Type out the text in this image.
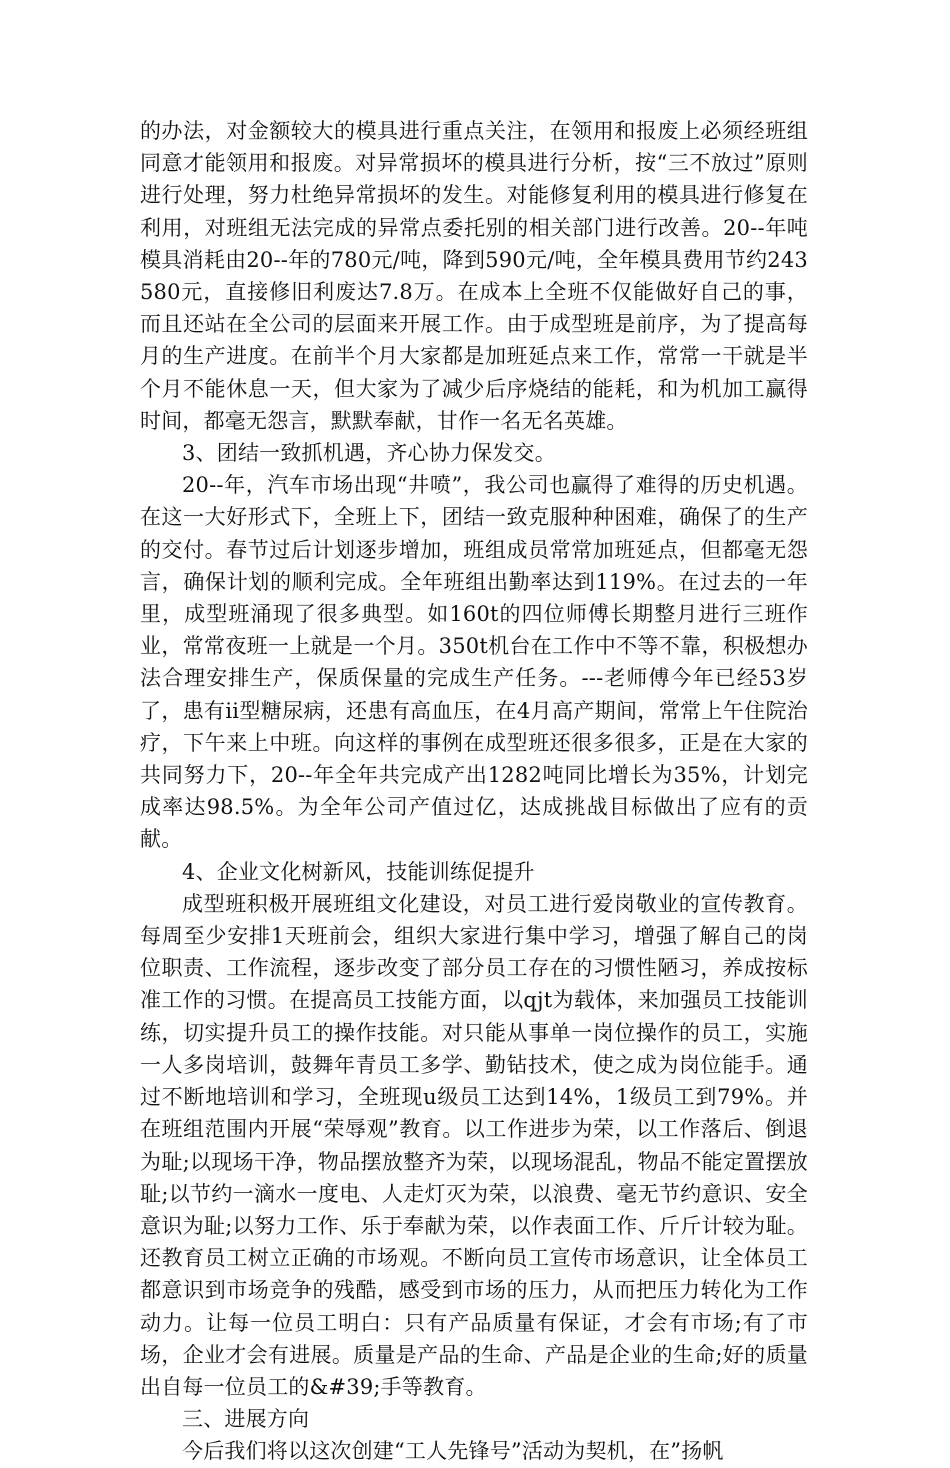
的办法，对金额较大的模具进行重点关注，在领用和报废上必须经班组同意才能领用和报废。对异常损坏的模具进行分析，按“三不放过”原则进行处理，努力杜绝异常损坏的发生。对能修复利用的模具进行修复在利用，对班组无法完成的异常点委托别的相关部门进行改善。20--年吨模具消耗由20--年的780元/吨，降到590元/吨，全年模具费用节约243580元，直接修旧利废达7.8万。在成本上全班不仅能做好自己的事，而且还站在全公司的层面来开展工作。由于成型班是前序，为了提高每月的生产进度。在前半个月大家都是加班延点来工作，常常一干就是半个月不能休息一天，但大家为了减少后序烧结的能耗，和为机加工赢得时间，都毫无怨言，默默奉献，甘作一名无名英雄。

3、团结一致抓机遇，齐心协力保发交。

20--年，汽车市场出现“井喷”，我公司也赢得了难得的历史机遇。在这一大好形式下，全班上下，团结一致克服种种困难，确保了的生产的交付。春节过后计划逐步增加，班组成员常常加班延点，但都毫无怨言，确保计划的顺利完成。全年班组出勤率达到119%。在过去的一年里，成型班涌现了很多典型。如160t的四位师傅长期整月进行三班作业，常常夜班一上就是一个月。350t机台在工作中不等不靠，积极想办法合理安排生产，保质保量的完成生产任务。---老师傅今年已经53岁了，患有ii型糖尿病，还患有高血压，在4月高产期间，常常上午住院治疗，下午来上中班。向这样的事例在成型班还很多很多，正是在大家的共同努力下，20--年全年共完成产出1282吨同比增长为35%，计划完成率达98.5%。为全年公司产值过亿，达成挑战目标做出了应有的贡献。

4、企业文化树新风，技能训练促提升

成型班积极开展班组文化建设，对员工进行爱岗敬业的宣传教育。每周至少安排1天班前会，组织大家进行集中学习，增强了解自己的岗位职责、工作流程，逐步改变了部分员工存在的习惯性陋习，养成按标准工作的习惯。在提高员工技能方面，以qjt为载体，来加强员工技能训练，切实提升员工的操作技能。对只能从事单一岗位操作的员工，实施一人多岗培训，鼓舞年青员工多学、勤钻技术，使之成为岗位能手。通过不断地培训和学习，全班现u级员工达到14%，1级员工到79%。并在班组范围内开展“荣辱观”教育。以工作进步为荣，以工作落后、倒退为耻;以现场干净，物品摆放整齐为荣，以现场混乱，物品不能定置摆放耻;以节约一滴水一度电、人走灯灭为荣，以浪费、毫无节约意识、安全意识为耻;以努力工作、乐于奉献为荣，以作表面工作、斤斤计较为耻。还教育员工树立正确的市场观。不断向员工宣传市场意识，让全体员工都意识到市场竞争的残酷，感受到市场的压力，从而把压力转化为工作动力。让每一位员工明白：只有产品质量有保证，才会有市场;有了市场，企业才会有进展。质量是产品的生命、产品是企业的生命;好的质量出自每一位员工的&#39;手等教育。

三、进展方向

今后我们将以这次创建“工人先锋号”活动为契机，在”扬帆
